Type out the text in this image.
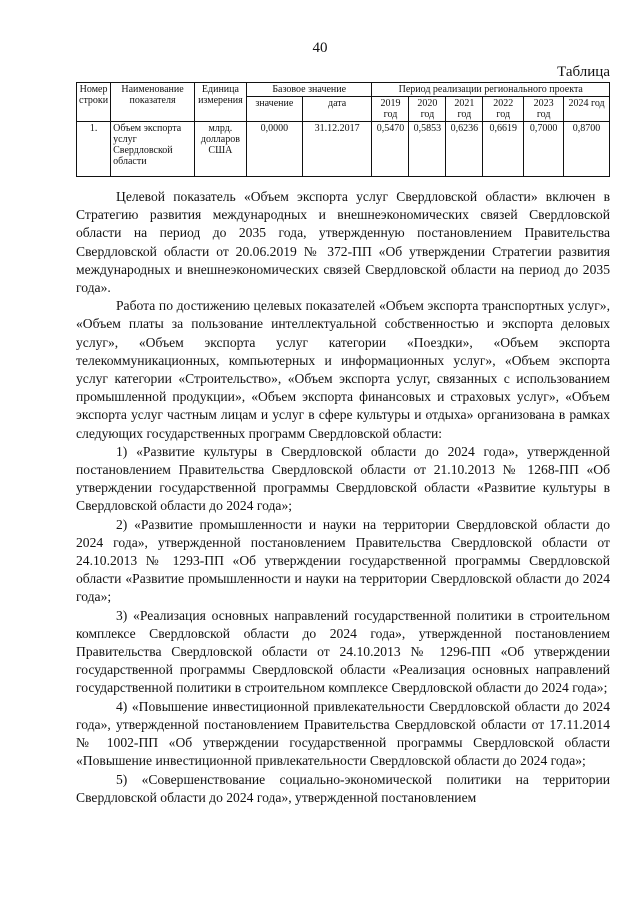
40
Таблица
Номер строки	Наименование показателя	Единица измерения	Базовое значение		Период реализации регионального проекта					
			значение	дата	2019 год	2020 год	2021 год	2022 год	2023 год	2024 год
1.	Объем экспорта услуг Свердловской области	млрд. долларов США	0,0000	31.12.2017	0,5470	0,5853	0,6236	0,6619	0,7000	0,8700

Целевой показатель «Объем экспорта услуг Свердловской области» включен в Стратегию развития международных и внешнеэкономических связей Свердловской области на период до 2035 года, утвержденную постановлением Правительства Свердловской области от 20.06.2019 № 372-ПП «Об утверждении Стратегии развития международных и внешнеэкономических связей Свердловской области на период до 2035 года».

Работа по достижению целевых показателей «Объем экспорта транспортных услуг», «Объем платы за пользование интеллектуальной собственностью и экспорта деловых услуг», «Объем экспорта услуг категории «Поездки», «Объем экспорта телекоммуникационных, компьютерных и информационных услуг», «Объем экспорта услуг категории «Строительство», «Объем экспорта услуг, связанных с использованием промышленной продукции», «Объем экспорта финансовых и страховых услуг», «Объем экспорта услуг частным лицам и услуг в сфере культуры и отдыха» организована в рамках следующих государственных программ Свердловской области:

1) «Развитие культуры в Свердловской области до 2024 года», утвержденной постановлением Правительства Свердловской области от 21.10.2013 № 1268-ПП «Об утверждении государственной программы Свердловской области «Развитие культуры в Свердловской области до 2024 года»;

2) «Развитие промышленности и науки на территории Свердловской области до 2024 года», утвержденной постановлением Правительства Свердловской области от 24.10.2013 № 1293-ПП «Об утверждении государственной программы Свердловской области «Развитие промышленности и науки на территории Свердловской области до 2024 года»;

3) «Реализация основных направлений государственной политики в строительном комплексе Свердловской области до 2024 года», утвержденной постановлением Правительства Свердловской области от 24.10.2013 № 1296-ПП «Об утверждении государственной программы Свердловской области «Реализация основных направлений государственной политики в строительном комплексе Свердловской области до 2024 года»;

4) «Повышение инвестиционной привлекательности Свердловской области до 2024 года», утвержденной постановлением Правительства Свердловской области от 17.11.2014 № 1002-ПП «Об утверждении государственной программы Свердловской области «Повышение инвестиционной привлекательности Свердловской области до 2024 года»;

5) «Совершенствование социально-экономической политики на территории Свердловской области до 2024 года», утвержденной постановлением
